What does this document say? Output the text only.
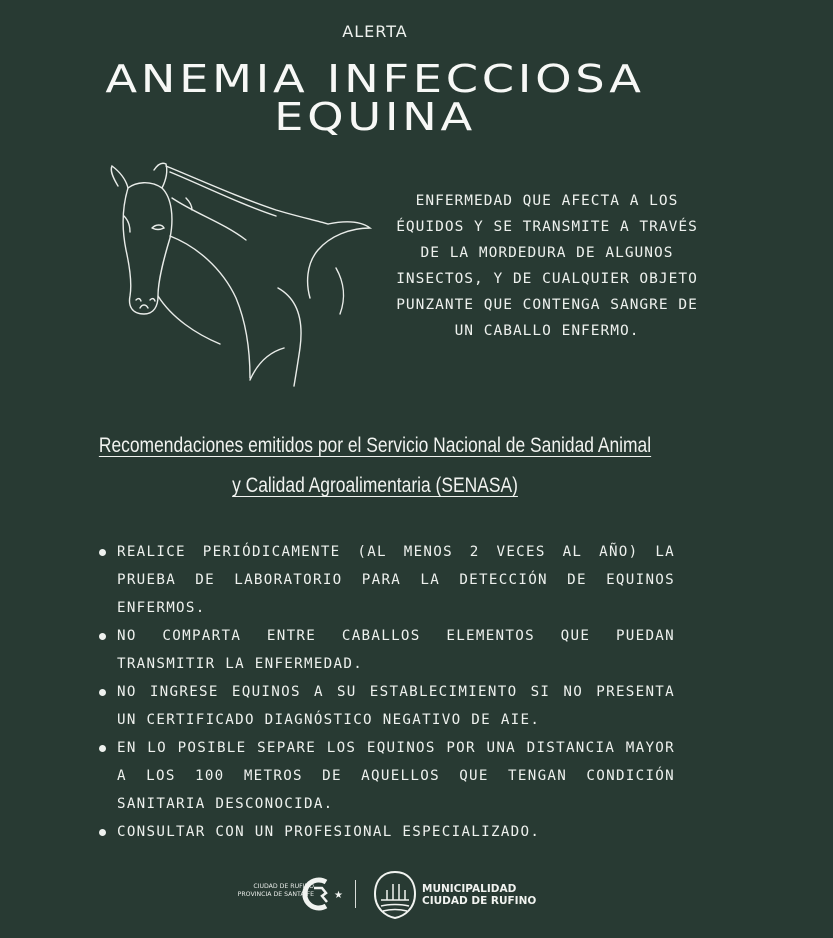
ALERTA
ANEMIA INFECCIOSA
EQUINA
ENFERMEDAD QUE AFECTA A LOS ÉQUIDOS Y SE TRANSMITE A TRAVÉS DE LA MORDEDURA DE ALGUNOS INSECTOS, Y DE CUALQUIER OBJETO PUNZANTE QUE CONTENGA SANGRE DE UN CABALLO ENFERMO.
Recomendaciones emitidos por el Servicio Nacional de Sanidad Animal
y Calidad Agroalimentaria (SENASA)
REALICE PERIÓDICAMENTE (AL MENOS 2 VECES AL AÑO) LA PRUEBA DE LABORATORIO PARA LA DETECCIÓN DE EQUINOS ENFERMOS.
NO COMPARTA ENTRE CABALLOS ELEMENTOS QUE PUEDAN TRANSMITIR LA ENFERMEDAD.
NO INGRESE EQUINOS A SU ESTABLECIMIENTO SI NO PRESENTA UN CERTIFICADO DIAGNÓSTICO NEGATIVO DE AIE.
EN LO POSIBLE SEPARE LOS EQUINOS POR UNA DISTANCIA MAYOR A LOS 100 METROS DE AQUELLOS QUE TENGAN CONDICIÓN SANITARIA DESCONOCIDA.
CONSULTAR CON UN PROFESIONAL ESPECIALIZADO.
CIUDAD DE RUFINO
PROVINCIA DE SANTA FE ★
MUNICIPALIDAD
CIUDAD DE RUFINO
